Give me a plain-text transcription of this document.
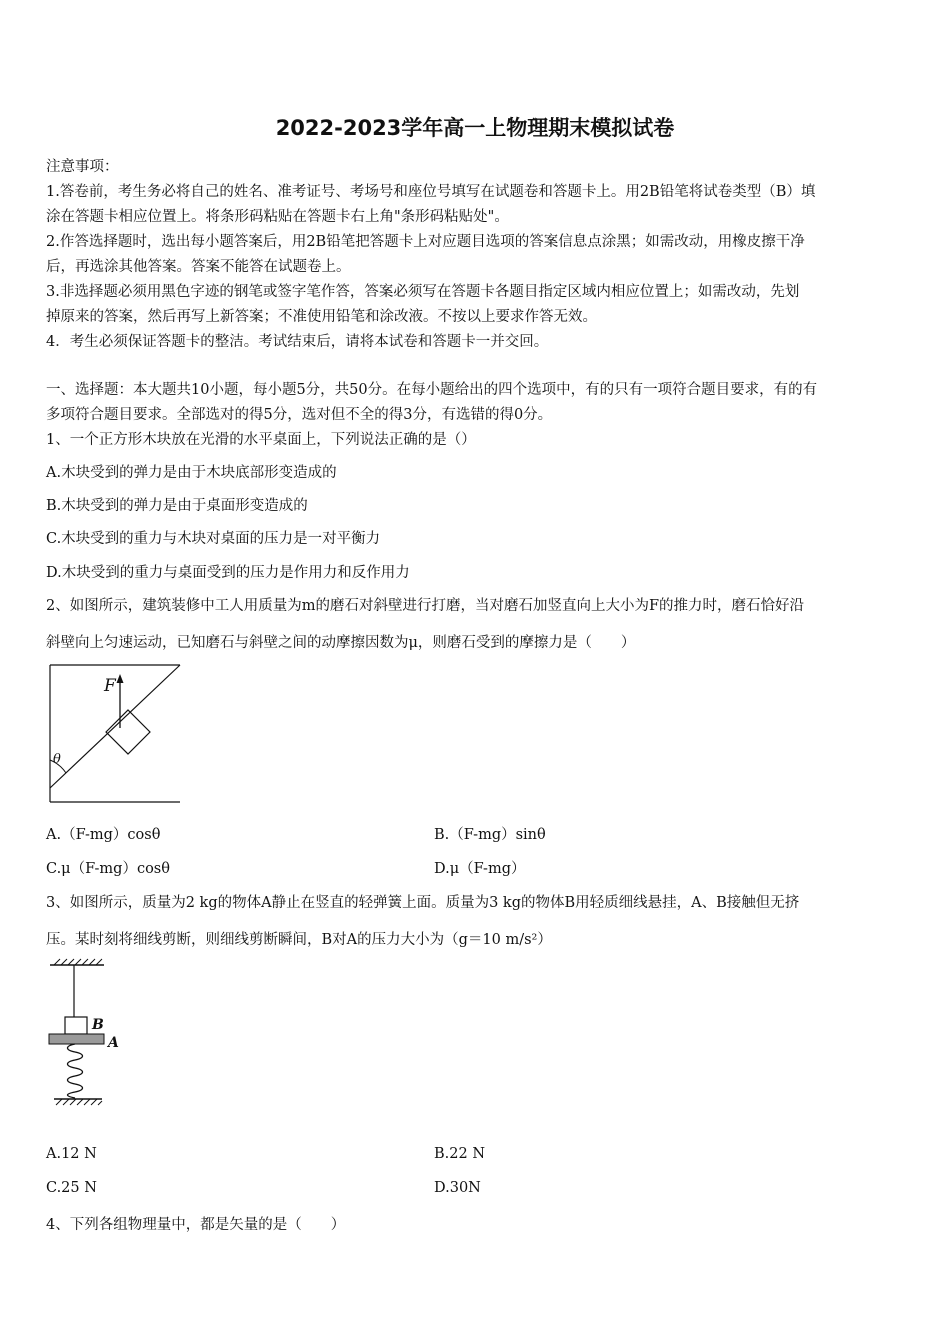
2022-2023学年高一上物理期末模拟试卷
注意事项：
1.答卷前，考生务必将自己的姓名、准考证号、考场号和座位号填写在试题卷和答题卡上。用2B铅笔将试卷类型（B）填
涂在答题卡相应位置上。将条形码粘贴在答题卡右上角"条形码粘贴处"。
2.作答选择题时，选出每小题答案后，用2B铅笔把答题卡上对应题目选项的答案信息点涂黑；如需改动，用橡皮擦干净
后，再选涂其他答案。答案不能答在试题卷上。
3.非选择题必须用黑色字迹的钢笔或签字笔作答，答案必须写在答题卡各题目指定区域内相应位置上；如需改动，先划
掉原来的答案，然后再写上新答案；不准使用铅笔和涂改液。不按以上要求作答无效。
4．考生必须保证答题卡的整洁。考试结束后，请将本试卷和答题卡一并交回。
一、选择题：本大题共10小题，每小题5分，共50分。在每小题给出的四个选项中，有的只有一项符合题目要求，有的有
多项符合题目要求。全部选对的得5分，选对但不全的得3分，有选错的得0分。
1、一个正方形木块放在光滑的水平桌面上，下列说法正确的是（）
A.木块受到的弹力是由于木块底部形变造成的
B.木块受到的弹力是由于桌面形变造成的
C.木块受到的重力与木块对桌面的压力是一对平衡力
D.木块受到的重力与桌面受到的压力是作用力和反作用力
2、如图所示，建筑装修中工人用质量为m的磨石对斜壁进行打磨，当对磨石加竖直向上大小为F的推力时，磨石恰好沿
斜壁向上匀速运动，已知磨石与斜壁之间的动摩擦因数为μ，则磨石受到的摩擦力是（　　）
F
θ
A.（F-mg）cosθ	B.（F-mg）sinθ
C.μ（F-mg）cosθ	D.μ（F-mg）
3、如图所示，质量为2 kg的物体A静止在竖直的轻弹簧上面。质量为3 kg的物体B用轻质细线悬挂，A、B接触但无挤
压。某时刻将细线剪断，则细线剪断瞬间，B对A的压力大小为（g＝10 m/s²）
B
A
A.12 N	B.22 N
C.25 N	D.30N
4、下列各组物理量中，都是矢量的是（　　）
